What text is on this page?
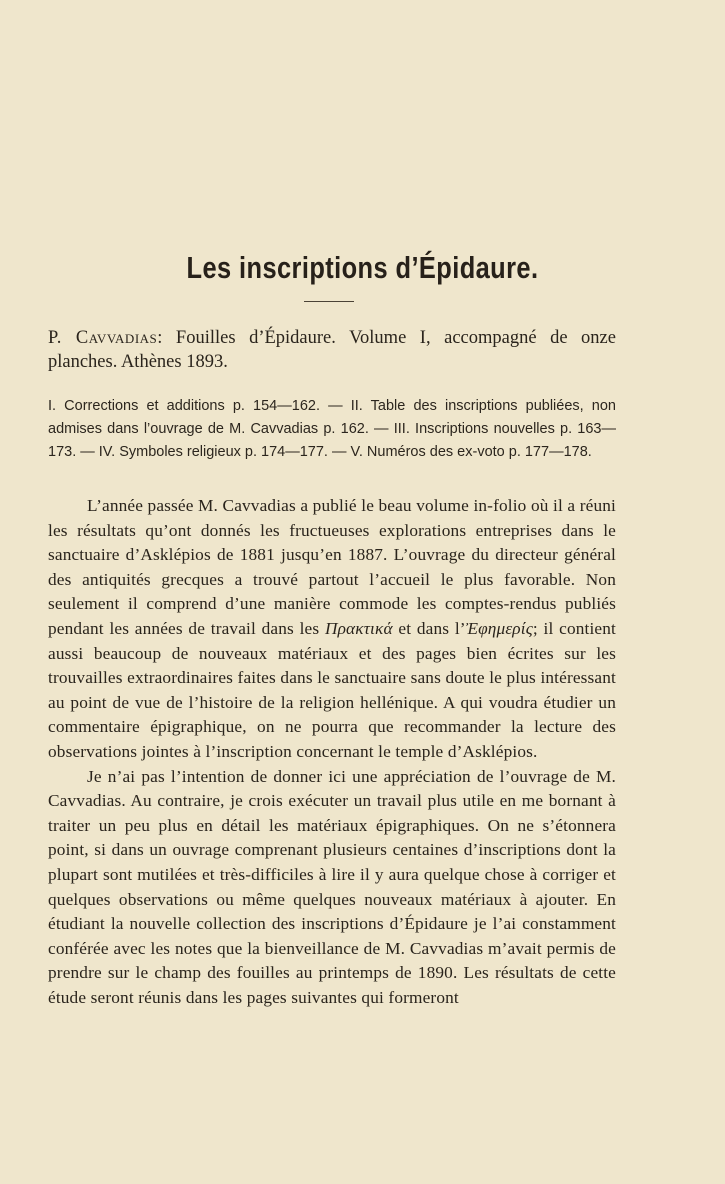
Les inscriptions d’Épidaure.
P. Cavvadias: Fouilles d’Épidaure. Volume I, accompagné de onze planches. Athènes 1893.
I. Corrections et additions p. 154—162. — II. Table des inscriptions publiées, non admises dans l’ouvrage de M. Cavvadias p. 162. — III. Inscriptions nouvelles p. 163—173. — IV. Symboles religieux p. 174—177. — V. Numéros des ex-voto p. 177—178.

L’année passée M. Cavvadias a publié le beau volume in-folio où il a réuni les résultats qu’ont donnés les fructueuses explorations entreprises dans le sanctuaire d’Asklépios de 1881 jusqu’en 1887. L’ouvrage du directeur général des antiquités grecques a trouvé partout l’accueil le plus favorable. Non seulement il comprend d’une manière commode les comptes-rendus publiés pendant les années de travail dans les Πρακτικά et dans l’Ἐφημερίς; il contient aussi beaucoup de nouveaux matériaux et des pages bien écrites sur les trouvailles extraordinaires faites dans le sanctuaire sans doute le plus intéressant au point de vue de l’histoire de la religion hellénique. A qui voudra étudier un commentaire épigraphique, on ne pourra que recommander la lecture des observations jointes à l’inscription concernant le temple d’Asklépios.

Je n’ai pas l’intention de donner ici une appréciation de l’ouvrage de M. Cavvadias. Au contraire, je crois exécuter un travail plus utile en me bornant à traiter un peu plus en détail les matériaux épigraphiques. On ne s’étonnera point, si dans un ouvrage comprenant plusieurs centaines d’inscriptions dont la plupart sont mutilées et très-difficiles à lire il y aura quelque chose à corriger et quelques observations ou même quelques nouveaux matériaux à ajouter. En étudiant la nouvelle collection des inscriptions d’Épidaure je l’ai constamment conférée avec les notes que la bienveillance de M. Cavvadias m’avait permis de prendre sur le champ des fouilles au printemps de 1890. Les résultats de cette étude seront réunis dans les pages suivantes qui formeront
